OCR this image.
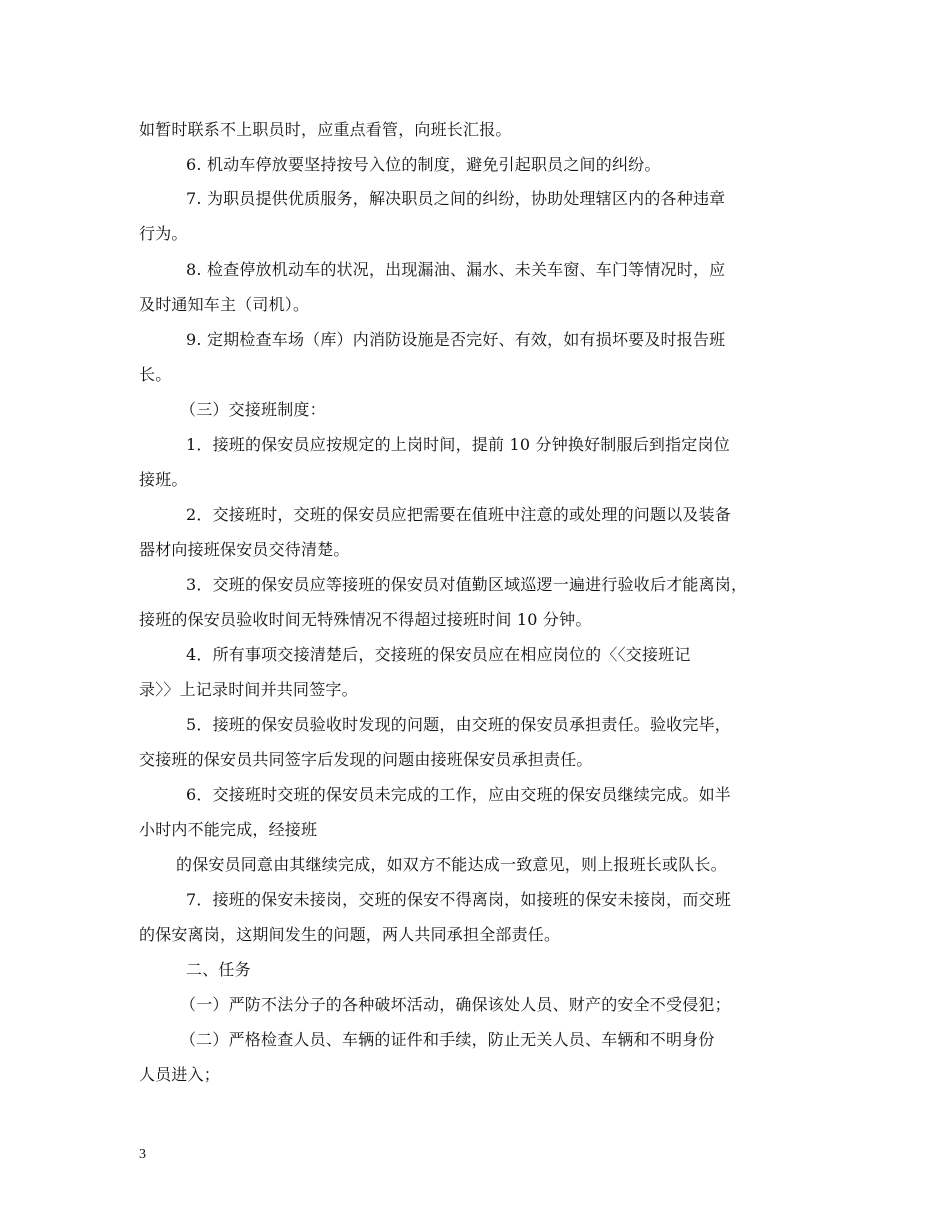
如暂时联系不上职员时，应重点看管，向班长汇报。
6. 机动车停放要坚持按号入位的制度，避免引起职员之间的纠纷。
7. 为职员提供优质服务，解决职员之间的纠纷，协助处理辖区内的各种违章
行为。
8. 检查停放机动车的状况，出现漏油、漏水、未关车窗、车门等情况时，应
及时通知车主（司机）。
9. 定期检查车场（库）内消防设施是否完好、有效，如有损坏要及时报告班
长。
（三）交接班制度：
1．接班的保安员应按规定的上岗时间，提前 10 分钟换好制服后到指定岗位
接班。
2．交接班时，交班的保安员应把需要在值班中注意的或处理的问题以及装备
器材向接班保安员交待清楚。
3．交班的保安员应等接班的保安员对值勤区域巡逻一遍进行验收后才能离岗，
接班的保安员验收时间无特殊情况不得超过接班时间 10 分钟。
4．所有事项交接清楚后，交接班的保安员应在相应岗位的〈〈交接班记
录〉〉上记录时间并共同签字。
5．接班的保安员验收时发现的问题，由交班的保安员承担责任。验收完毕，
交接班的保安员共同签字后发现的问题由接班保安员承担责任。
6．交接班时交班的保安员未完成的工作，应由交班的保安员继续完成。如半
小时内不能完成，经接班
的保安员同意由其继续完成，如双方不能达成一致意见，则上报班长或队长。
7．接班的保安未接岗，交班的保安不得离岗，如接班的保安未接岗，而交班
的保安离岗，这期间发生的问题，两人共同承担全部责任。
二、任务
（一）严防不法分子的各种破坏活动，确保该处人员、财产的安全不受侵犯；
（二）严格检查人员、车辆的证件和手续，防止无关人员、车辆和不明身份
人员进入；
3
